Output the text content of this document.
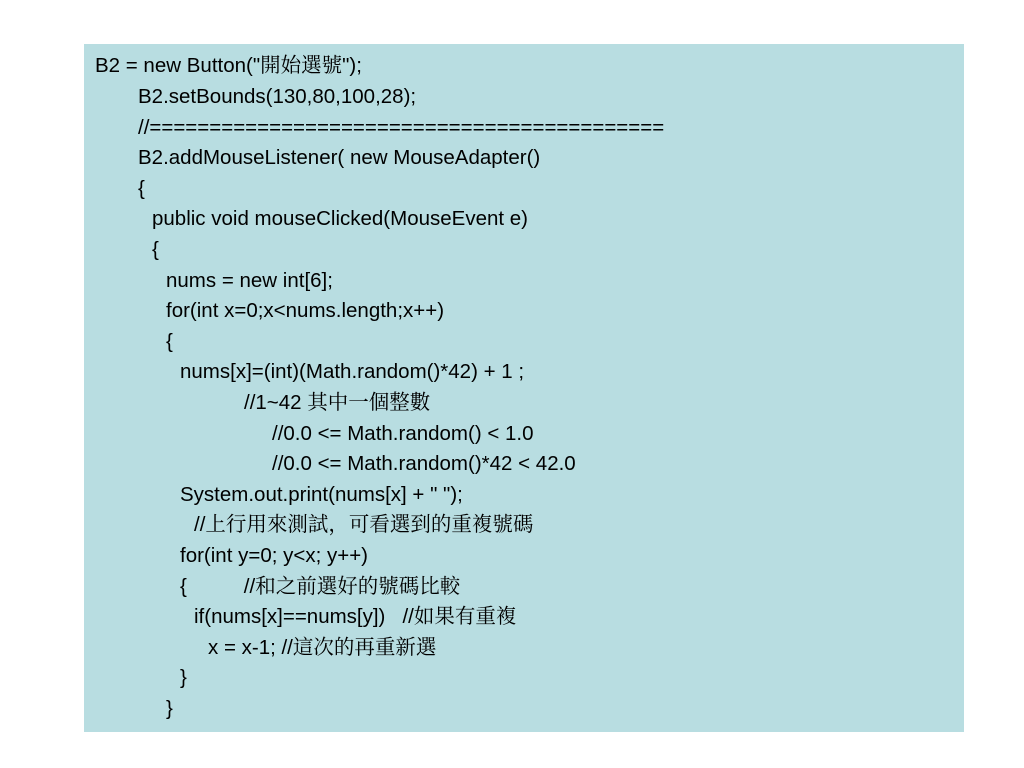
B2 = new Button("開始選號");
B2.setBounds(130,80,100,28);
//===========================================
B2.addMouseListener( new MouseAdapter()
{
public void mouseClicked(MouseEvent e)
{
nums = new int[6];
for(int x=0;x<nums.length;x++)
{
nums[x]=(int)(Math.random()*42) + 1 ;
//1~42 其中一個整數
//0.0 <= Math.random() < 1.0
//0.0 <= Math.random()*42 < 42.0
System.out.print(nums[x] + " ");
//上行用來測試，可看選到的重複號碼
for(int y=0; y<x; y++)
{          //和之前選好的號碼比較
if(nums[x]==nums[y])   //如果有重複
x = x-1; //這次的再重新選
}
}
